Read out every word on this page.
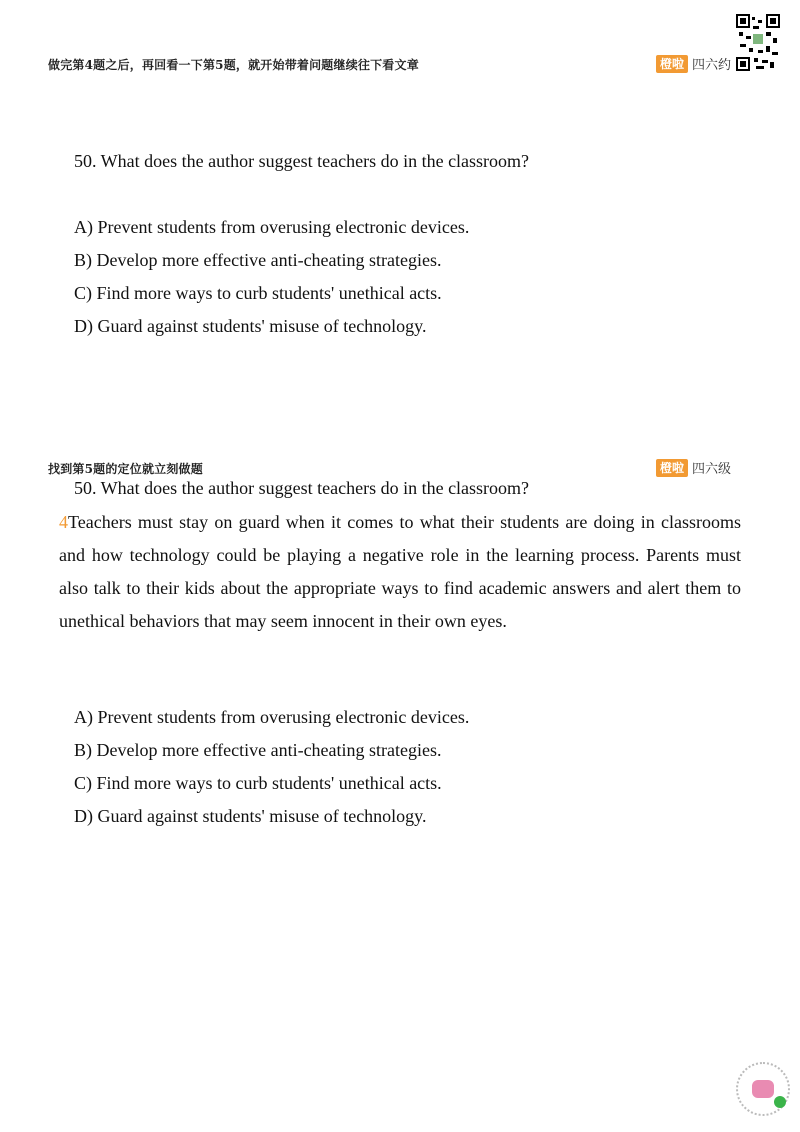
做完第4题之后，再回看一下第5题，就开始带着问题继续往下看文章	橙啦 四六约
50. What does the author suggest teachers do in the classroom?
A) Prevent students from overusing electronic devices.
B) Develop more effective anti-cheating strategies.
C) Find more ways to curb students' unethical acts.
D) Guard against students' misuse of technology.
找到第5题的定位就立刻做题	橙啦 四六级
50. What does the author suggest teachers do in the classroom?
4Teachers must stay on guard when it comes to what their students are doing in classrooms and how technology could be playing a negative role in the learning process. Parents must also talk to their kids about the appropriate ways to find academic answers and alert them to unethical behaviors that may seem innocent in their own eyes.

A) Prevent students from overusing electronic devices.
B) Develop more effective anti-cheating strategies.
C) Find more ways to curb students' unethical acts.
D) Guard against students' misuse of technology.
